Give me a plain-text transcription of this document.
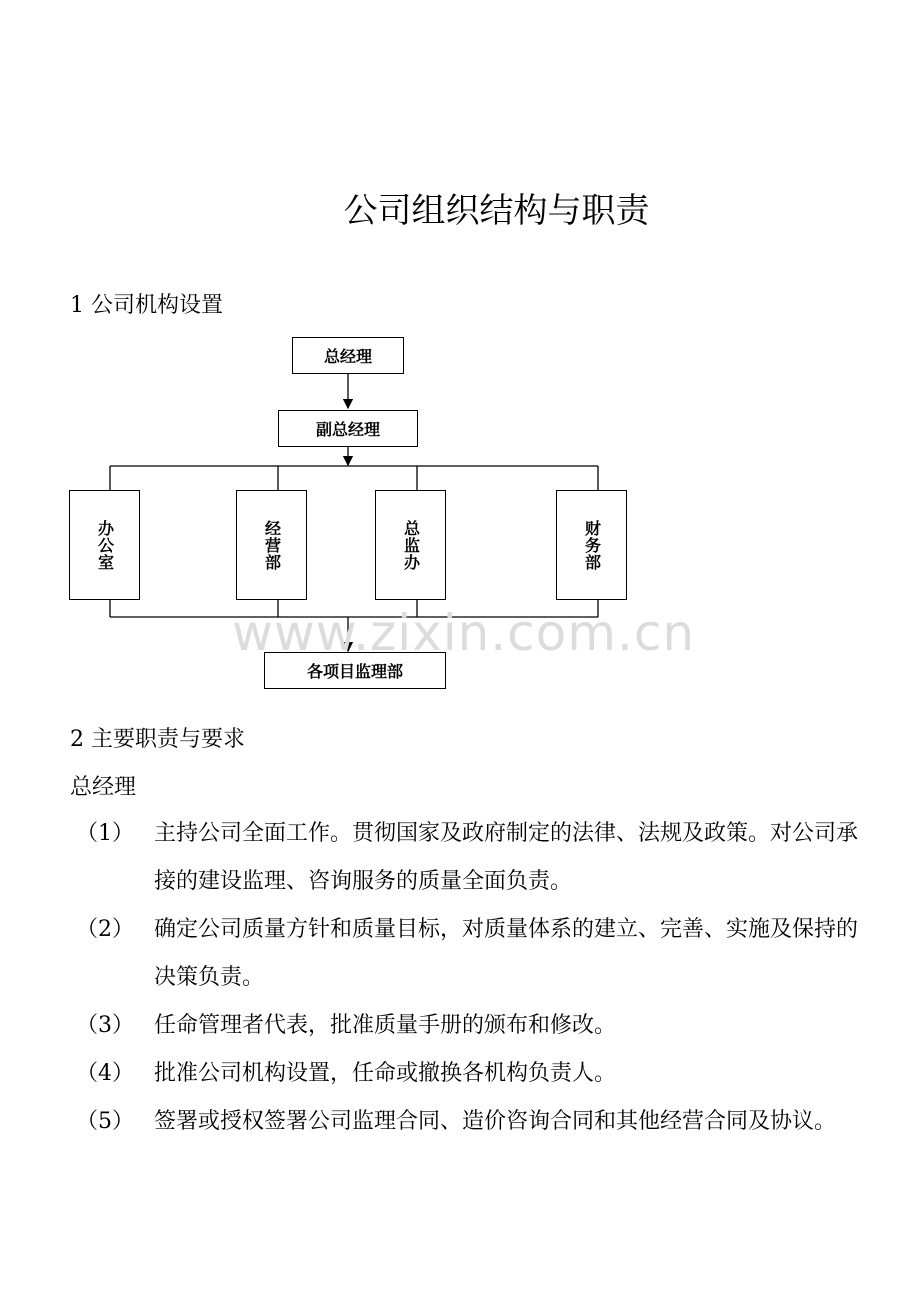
公司组织结构与职责
1 公司机构设置
总经理
副总经理
办公室	经营部	总监办	财务部
各项目监理部
www.zixin.com.cn
2 主要职责与要求
总经理
（1） 主持公司全面工作。贯彻国家及政府制定的法律、法规及政策。对公司承接的建设监理、咨询服务的质量全面负责。
（2） 确定公司质量方针和质量目标，对质量体系的建立、完善、实施及保持的决策负责。
（3） 任命管理者代表，批准质量手册的颁布和修改。
（4） 批准公司机构设置，任命或撤换各机构负责人。
（5） 签署或授权签署公司监理合同、造价咨询合同和其他经营合同及协议。
